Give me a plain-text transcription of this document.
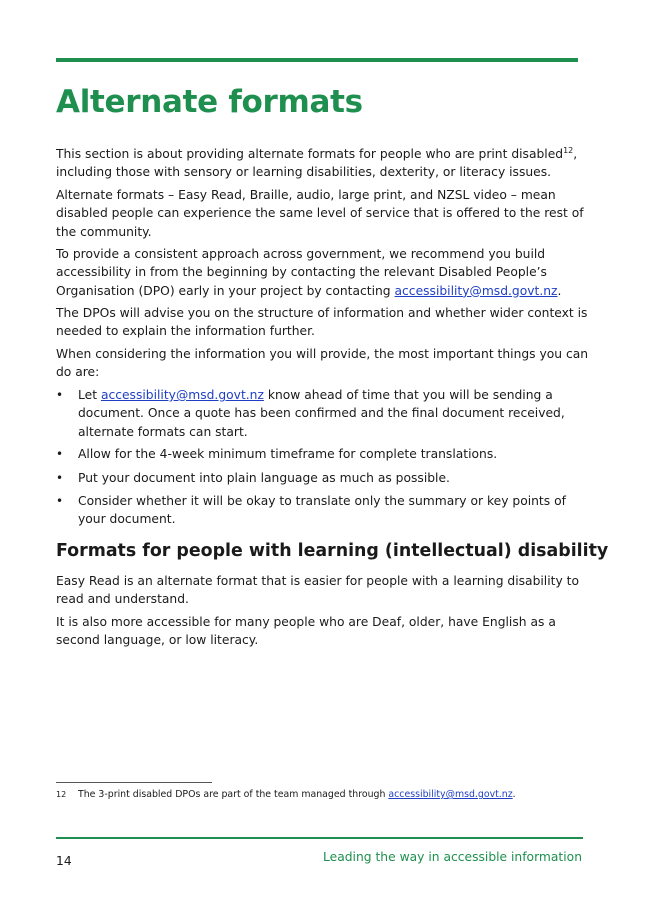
Alternate formats

This section is about providing alternate formats for people who are print disabled$^{12}$, including those with sensory or learning disabilities, dexterity, or literacy issues.

Alternate formats – Easy Read, Braille, audio, large print, and NZSL video – mean disabled people can experience the same level of service that is offered to the rest of the community.

To provide a consistent approach across government, we recommend you build accessibility in from the beginning by contacting the relevant Disabled People’s Organisation (DPO) early in your project by contacting accessibility@msd.govt.nz.

The DPOs will advise you on the structure of information and whether wider context is needed to explain the information further.

When considering the information you will provide, the most important things you can do are:

• Let accessibility@msd.govt.nz know ahead of time that you will be sending a document. Once a quote has been confirmed and the final document received, alternate formats can start.
• Allow for the 4-week minimum timeframe for complete translations.
• Put your document into plain language as much as possible.
• Consider whether it will be okay to translate only the summary or key points of your document.
Formats for people with learning (intellectual) disability

Easy Read is an alternate format that is easier for people with a learning disability to read and understand.

It is also more accessible for many people who are Deaf, older, have English as a second language, or low literacy.

12 The 3-print disabled DPOs are part of the team managed through accessibility@msd.govt.nz.
14	Leading the way in accessible information
